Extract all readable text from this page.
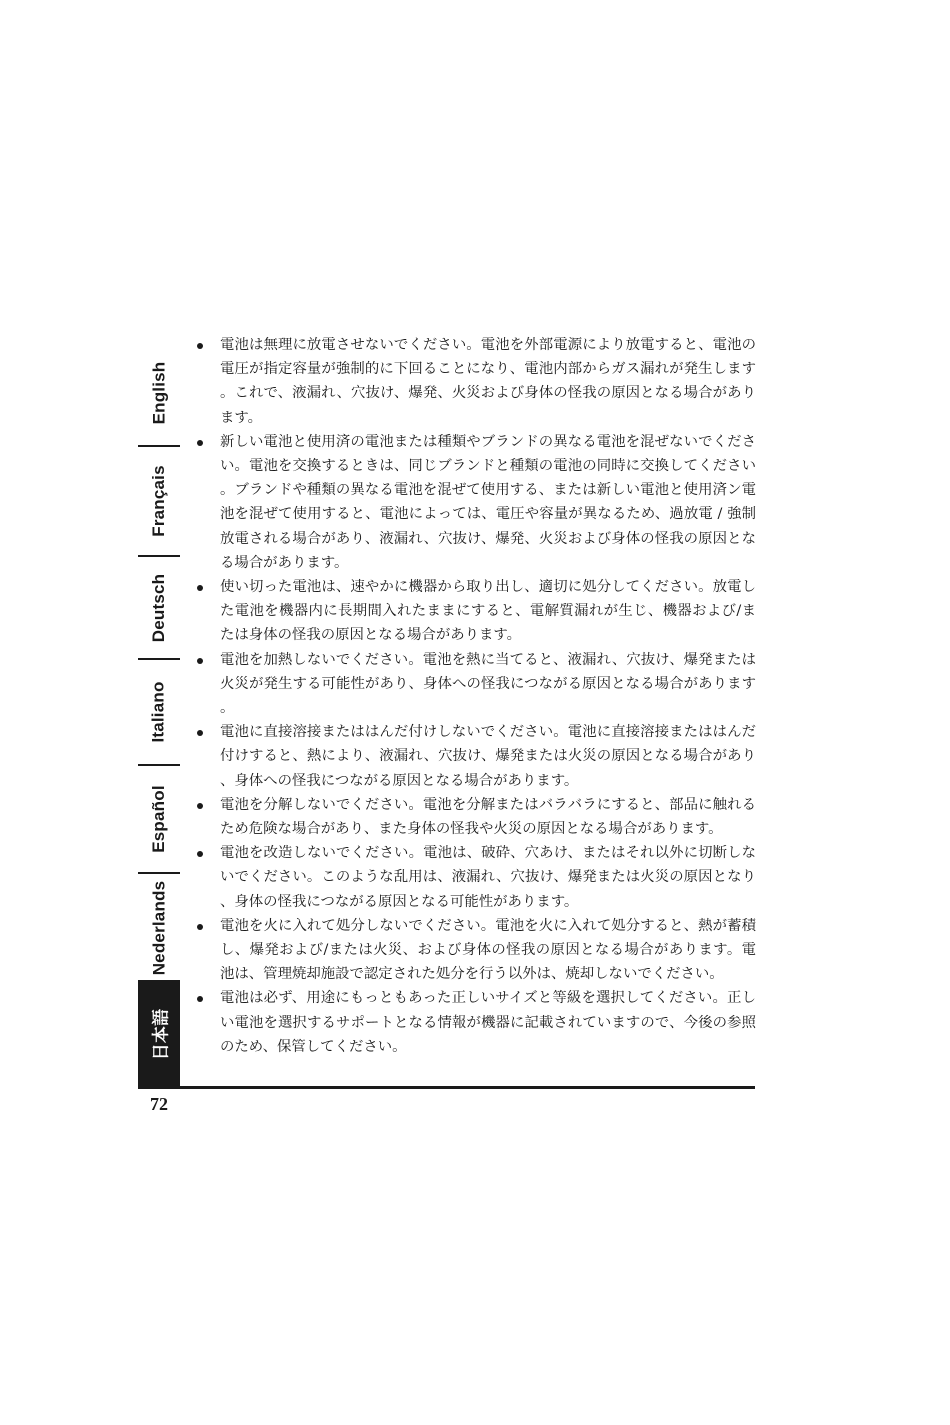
English
Français
Deutsch
Italiano
Español
Nederlands
日本語
電池は無理に放電させないでください。電池を外部電源により放電すると、電池の電圧が指定容量が強制的に下回ることになり、電池内部からガス漏れが発生します。これで、液漏れ、穴抜け、爆発、火災および身体の怪我の原因となる場合があります。
新しい電池と使用済の電池または種類やブランドの異なる電池を混ぜないでください。電池を交換するときは、同じブランドと種類の電池の同時に交換してください。ブランドや種類の異なる電池を混ぜて使用する、または新しい電池と使用済ン電池を混ぜて使用すると、電池によっては、電圧や容量が異なるため、過放電 / 強制放電される場合があり、液漏れ、穴抜け、爆発、火災および身体の怪我の原因となる場合があります。
使い切った電池は、速やかに機器から取り出し、適切に処分してください。放電した電池を機器内に長期間入れたままにすると、電解質漏れが生じ、機器および/または身体の怪我の原因となる場合があります。
電池を加熱しないでください。電池を熱に当てると、液漏れ、穴抜け、爆発または火災が発生する可能性があり、身体への怪我につながる原因となる場合があります。
電池に直接溶接またははんだ付けしないでください。電池に直接溶接またははんだ付けすると、熱により、液漏れ、穴抜け、爆発または火災の原因となる場合があり、身体への怪我につながる原因となる場合があります。
電池を分解しないでください。電池を分解またはバラバラにすると、部品に触れるため危険な場合があり、また身体の怪我や火災の原因となる場合があります。
電池を改造しないでください。電池は、破砕、穴あけ、またはそれ以外に切断しないでください。このような乱用は、液漏れ、穴抜け、爆発または火災の原因となり、身体の怪我につながる原因となる可能性があります。
電池を火に入れて処分しないでください。電池を火に入れて処分すると、熱が蓄積し、爆発および/または火災、および身体の怪我の原因となる場合があります。電池は、管理焼却施設で認定された処分を行う以外は、焼却しないでください。
電池は必ず、用途にもっともあった正しいサイズと等級を選択してください。正しい電池を選択するサポートとなる情報が機器に記載されていますので、今後の参照のため、保管してください。
72
